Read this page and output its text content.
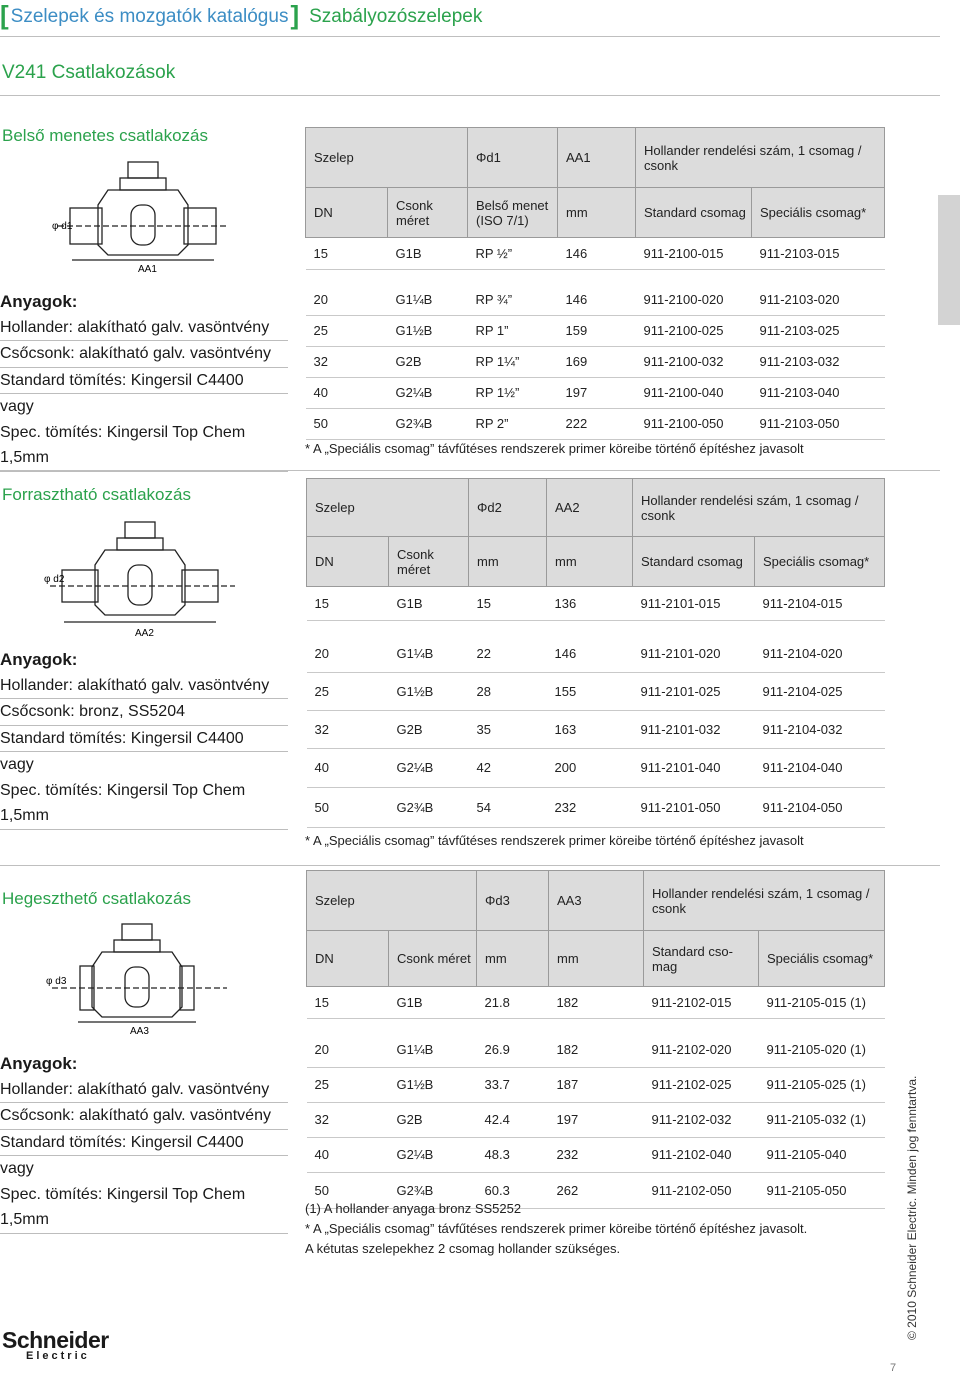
[ Szelepek és mozgatók katalógus] Szabályozószelepek
V241 Csatlakozások
Belső menetes csatlakozás
φ d1
AA1
Anyagok:
Hollander: alakítható galv. vasöntvény
Csőcsonk: alakítható galv. vasöntvény
Standard tömítés: Kingersil C4400
vagy
Spec. tömítés: Kingersil Top Chem
1,5mm
Szelep		Φd1	AA1	Hollander rendelési szám, 1 csomag / csonk	
DN	Csonk méret	Belső menet (ISO 7/1)	mm	Standard csomag	Speciális csomag*
15	G1B	RP ½”	146	911-2100-015	911-2103-015

20	G1¼B	RP ¾”	146	911-2100-020	911-2103-020
25	G1½B	RP 1”	159	911-2100-025	911-2103-025
32	G2B	RP 1¼”	169	911-2100-032	911-2103-032
40	G2¼B	RP 1½”	197	911-2100-040	911-2103-040
50	G2¾B	RP 2”	222	911-2100-050	911-2103-050
* A „Speciális csomag” távfűtéses rendszerek primer köreibe történő építéshez javasolt
Forrasztható csatlakozás
φ d2
AA2
Anyagok:
Hollander: alakítható galv. vasöntvény
Csőcsonk: bronz, SS5204
Standard tömítés: Kingersil C4400
vagy
Spec. tömítés: Kingersil Top Chem
1,5mm
Szelep		Φd2	AA2	Hollander rendelési szám, 1 csomag / csonk	
DN	Csonk méret	mm	mm	Standard csomag	Speciális csomag*
15	G1B	15	136	911-2101-015	911-2104-015

20	G1¼B	22	146	911-2101-020	911-2104-020
25	G1½B	28	155	911-2101-025	911-2104-025
32	G2B	35	163	911-2101-032	911-2104-032
40	G2¼B	42	200	911-2101-040	911-2104-040
50	G2¾B	54	232	911-2101-050	911-2104-050
* A „Speciális csomag” távfűtéses rendszerek primer köreibe történő építéshez javasolt
Hegeszthető csatlakozás
φ d3
AA3
Anyagok:
Hollander: alakítható galv. vasöntvény
Csőcsonk: alakítható galv. vasöntvény
Standard tömítés: Kingersil C4400
vagy
Spec. tömítés: Kingersil Top Chem
1,5mm
Szelep		Φd3	AA3	Hollander rendelési szám, 1 csomag / csonk	
DN	Csonk méret	mm	mm	Standard cso-mag	Speciális csomag*
15	G1B	21.8	182	911-2102-015	911-2105-015 (1)

20	G1¼B	26.9	182	911-2102-020	911-2105-020 (1)
25	G1½B	33.7	187	911-2102-025	911-2105-025 (1)
32	G2B	42.4	197	911-2102-032	911-2105-032 (1)
40	G2¼B	48.3	232	911-2102-040	911-2105-040
50	G2¾B	60.3	262	911-2102-050	911-2105-050
(1) A hollander anyaga bronz SS5252
* A „Speciális csomag” távfűtéses rendszerek primer köreibe történő építéshez javasolt.
A kétutas szelepekhez 2 csomag hollander szükséges.
Schneider
Electric
© 2010 Schneider Electric. Minden jog fenntartva.
7
